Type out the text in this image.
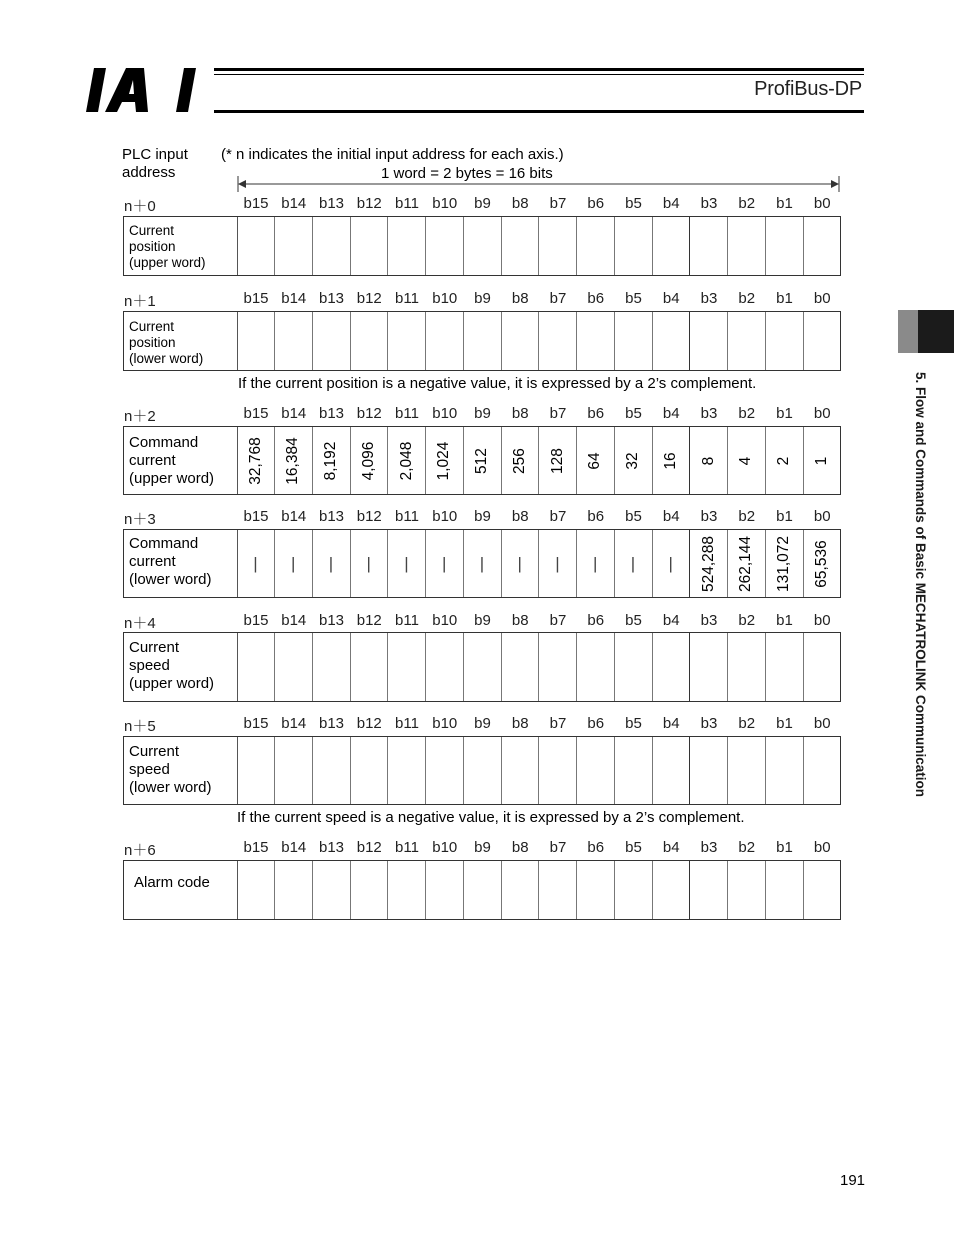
ProfiBus-DP
5. Flow and Commands of Basic MECHATROLINK Communication
PLC input
address
(* n indicates the initial input address for each axis.)
1 word = 2 bytes = 16 bits
n＋0	b15 b14 b13 b12 b11 b10	b9	b8	b7	b6	b5	b4	b3	b2	b1	b0
Current
position
(upper word)
n＋1	b15 b14 b13 b12 b11 b10	b9	b8	b7	b6	b5	b4	b3	b2	b1	b0
Current
position
(lower word)
n＋2	b15 b14 b13 b12 b11 b10	b9	b8	b7	b6	b5	b4	b3	b2	b1	b0
Command
current
(upper word) 32,768 16,384 8,192 4,096 2,048 1,024 512 256 128 64 32 16 8 4 2 1
n＋3	b15 b14 b13 b12 b11 b10	b9	b8	b7	b6	b5	b4	b3	b2	b1	b0
Command
current
(lower word)
| | | | | | | | | | | | 524,288 262,144 131,072 65,536
n＋4	b15 b14 b13 b12 b11 b10	b9	b8	b7	b6	b5	b4	b3	b2	b1	b0
Current
speed
(upper word)
n＋5	b15 b14 b13 b12 b11 b10	b9	b8	b7	b6	b5	b4	b3	b2	b1	b0
Current
speed
(lower word)
n＋6	b15 b14 b13 b12 b11 b10	b9	b8	b7	b6	b5	b4	b3	b2	b1	b0
Alarm code
If the current position is a negative value, it is expressed by a 2’s complement.
If the current speed is a negative value, it is expressed by a 2’s complement.
191
